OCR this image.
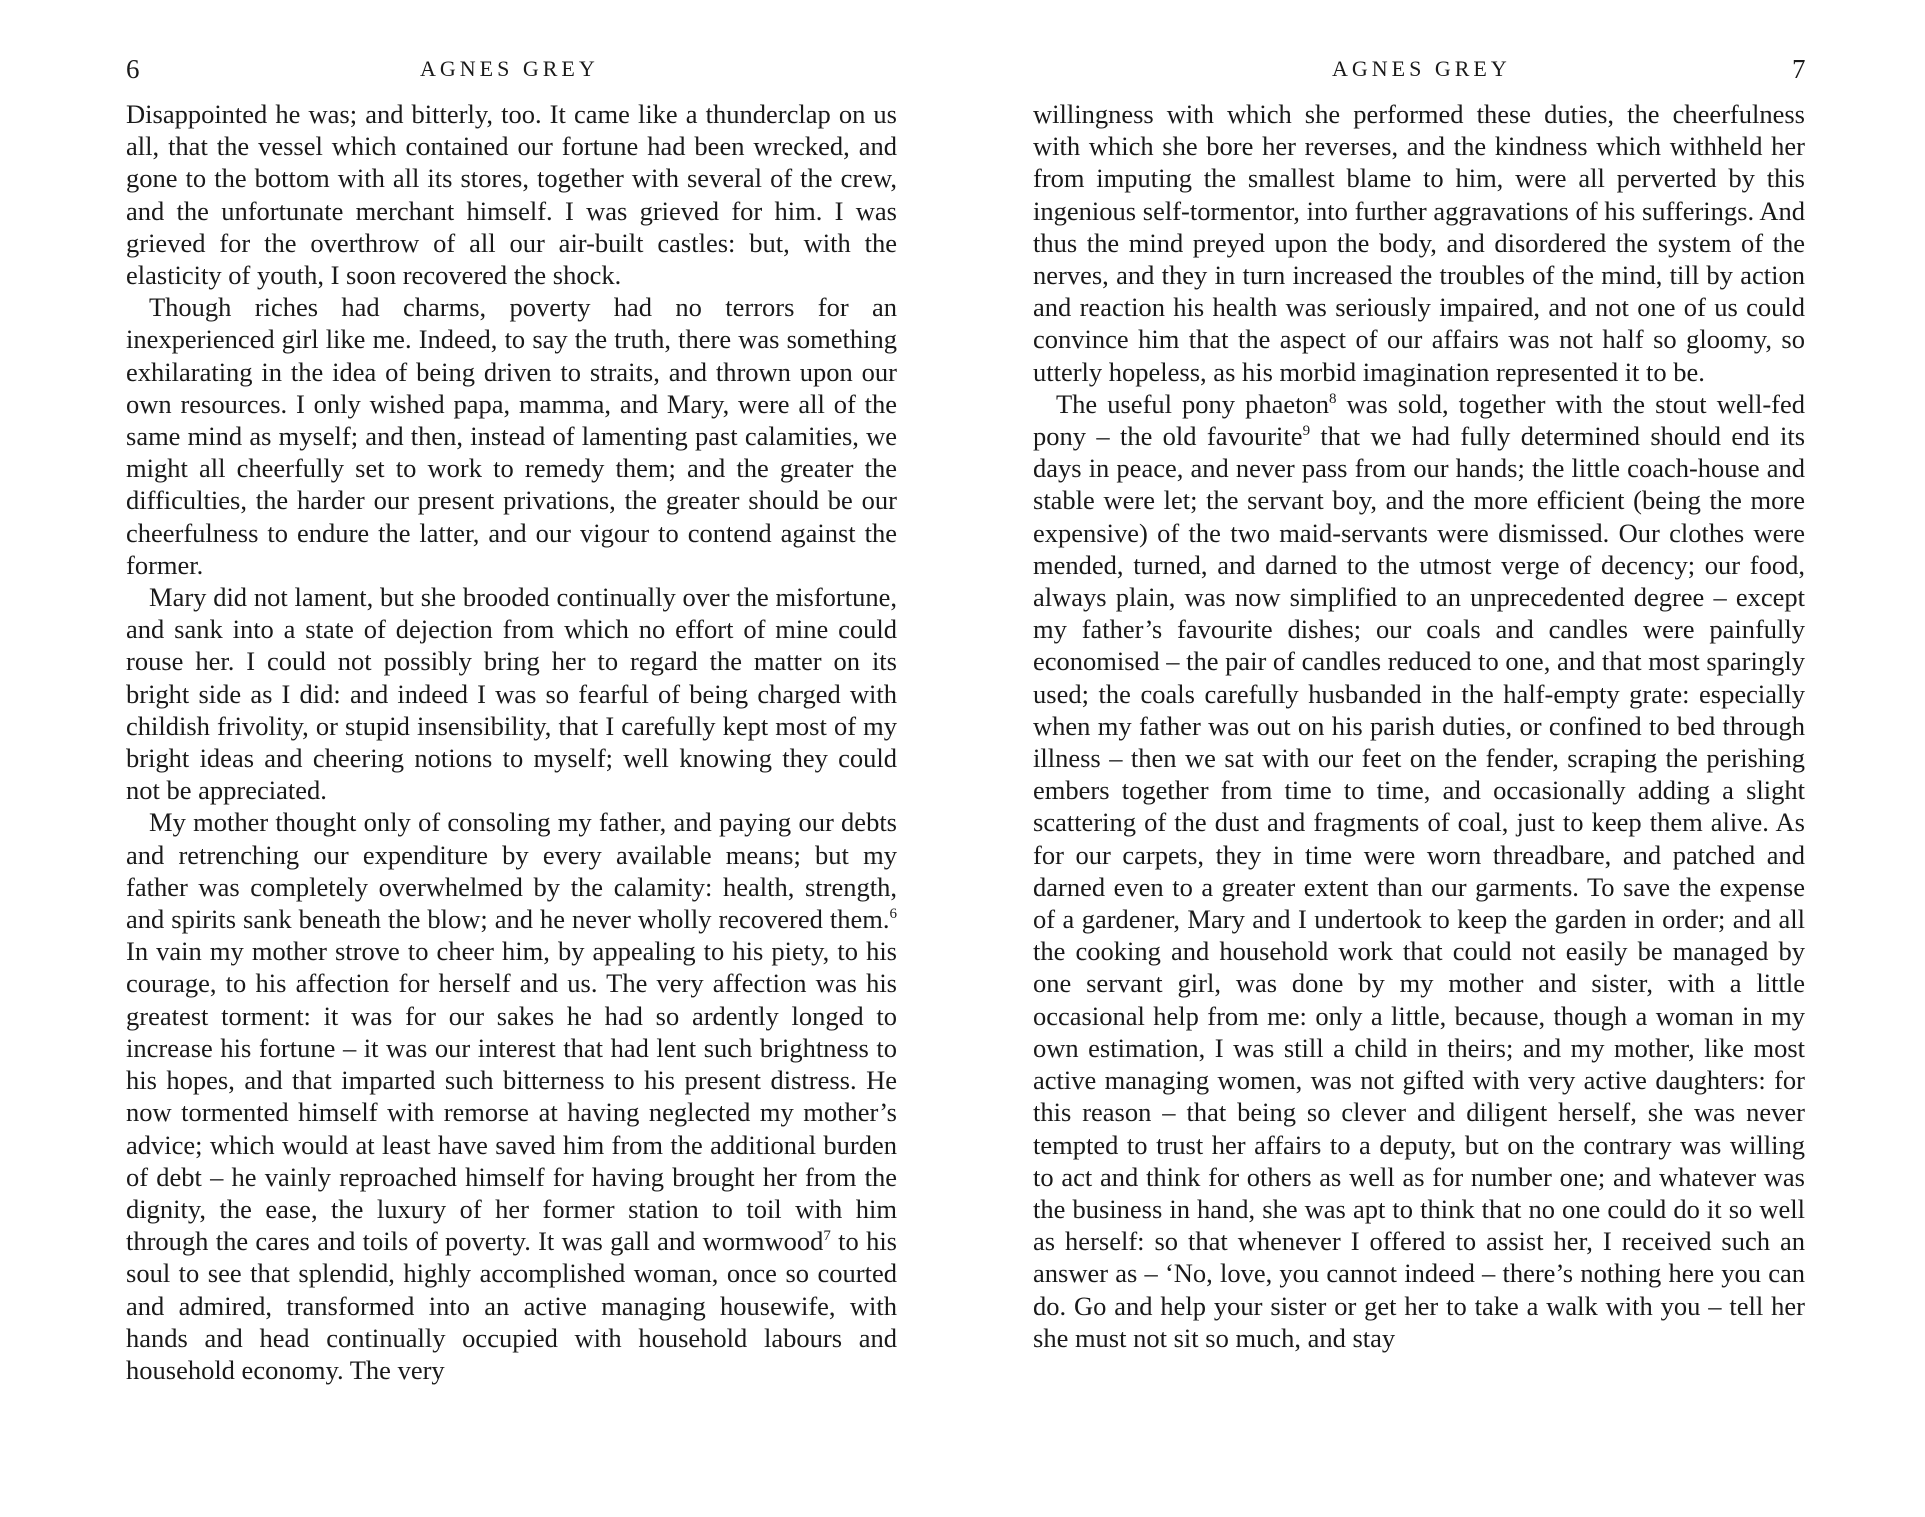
6	AGNES GREY

Disappointed he was; and bitterly, too. It came like a thunderclap on us all, that the vessel which contained our fortune had been wrecked, and gone to the bottom with all its stores, together with several of the crew, and the unfortunate merchant himself. I was grieved for him. I was grieved for the overthrow of all our air-built castles: but, with the elasticity of youth, I soon recovered the shock.

Though riches had charms, poverty had no terrors for an inexperienced girl like me. Indeed, to say the truth, there was something exhilarating in the idea of being driven to straits, and thrown upon our own resources. I only wished papa, mamma, and Mary, were all of the same mind as myself; and then, instead of lamenting past calamities, we might all cheerfully set to work to remedy them; and the greater the difficulties, the harder our present privations, the greater should be our cheerfulness to endure the latter, and our vigour to contend against the former.

Mary did not lament, but she brooded continually over the misfortune, and sank into a state of dejection from which no effort of mine could rouse her. I could not possibly bring her to regard the matter on its bright side as I did: and indeed I was so fearful of being charged with childish frivolity, or stupid insensibility, that I carefully kept most of my bright ideas and cheering notions to myself; well knowing they could not be appreciated.

My mother thought only of consoling my father, and paying our debts and retrenching our expenditure by every available means; but my father was completely overwhelmed by the calamity: health, strength, and spirits sank beneath the blow; and he never wholly recovered them.$^6$ In vain my mother strove to cheer him, by appealing to his piety, to his courage, to his affection for herself and us. The very affection was his greatest torment: it was for our sakes he had so ardently longed to increase his fortune – it was our interest that had lent such brightness to his hopes, and that imparted such bitterness to his present distress. He now tormented himself with remorse at having neglected my mother’s advice; which would at least have saved him from the additional burden of debt – he vainly reproached himself for having brought her from the dignity, the ease, the luxury of her former station to toil with him through the cares and toils of poverty. It was gall and wormwood$^7$ to his soul to see that splendid, highly accomplished woman, once so courted and admired, transformed into an active managing housewife, with hands and head continually occupied with household labours and household economy. The very

AGNES GREY	7

willingness with which she performed these duties, the cheerfulness with which she bore her reverses, and the kindness which withheld her from imputing the smallest blame to him, were all perverted by this ingenious self-tormentor, into further aggravations of his sufferings. And thus the mind preyed upon the body, and disordered the system of the nerves, and they in turn increased the troubles of the mind, till by action and reaction his health was seriously impaired, and not one of us could convince him that the aspect of our affairs was not half so gloomy, so utterly hopeless, as his morbid imagination represented it to be.

The useful pony phaeton$^8$ was sold, together with the stout well-fed pony – the old favourite$^9$ that we had fully determined should end its days in peace, and never pass from our hands; the little coach-house and stable were let; the servant boy, and the more efficient (being the more expensive) of the two maid-servants were dismissed. Our clothes were mended, turned, and darned to the utmost verge of decency; our food, always plain, was now simplified to an unprecedented degree – except my father’s favourite dishes; our coals and candles were painfully economised – the pair of candles reduced to one, and that most sparingly used; the coals carefully husbanded in the half-empty grate: especially when my father was out on his parish duties, or confined to bed through illness – then we sat with our feet on the fender, scraping the perishing embers together from time to time, and occasionally adding a slight scattering of the dust and fragments of coal, just to keep them alive. As for our carpets, they in time were worn threadbare, and patched and darned even to a greater extent than our garments. To save the expense of a gardener, Mary and I undertook to keep the garden in order; and all the cooking and household work that could not easily be managed by one servant girl, was done by my mother and sister, with a little occasional help from me: only a little, because, though a woman in my own estimation, I was still a child in theirs; and my mother, like most active managing women, was not gifted with very active daughters: for this reason – that being so clever and diligent herself, she was never tempted to trust her affairs to a deputy, but on the contrary was willing to act and think for others as well as for number one; and whatever was the business in hand, she was apt to think that no one could do it so well as herself: so that whenever I offered to assist her, I received such an answer as – ‘No, love, you cannot indeed – there’s nothing here you can do. Go and help your sister or get her to take a walk with you – tell her she must not sit so much, and stay
